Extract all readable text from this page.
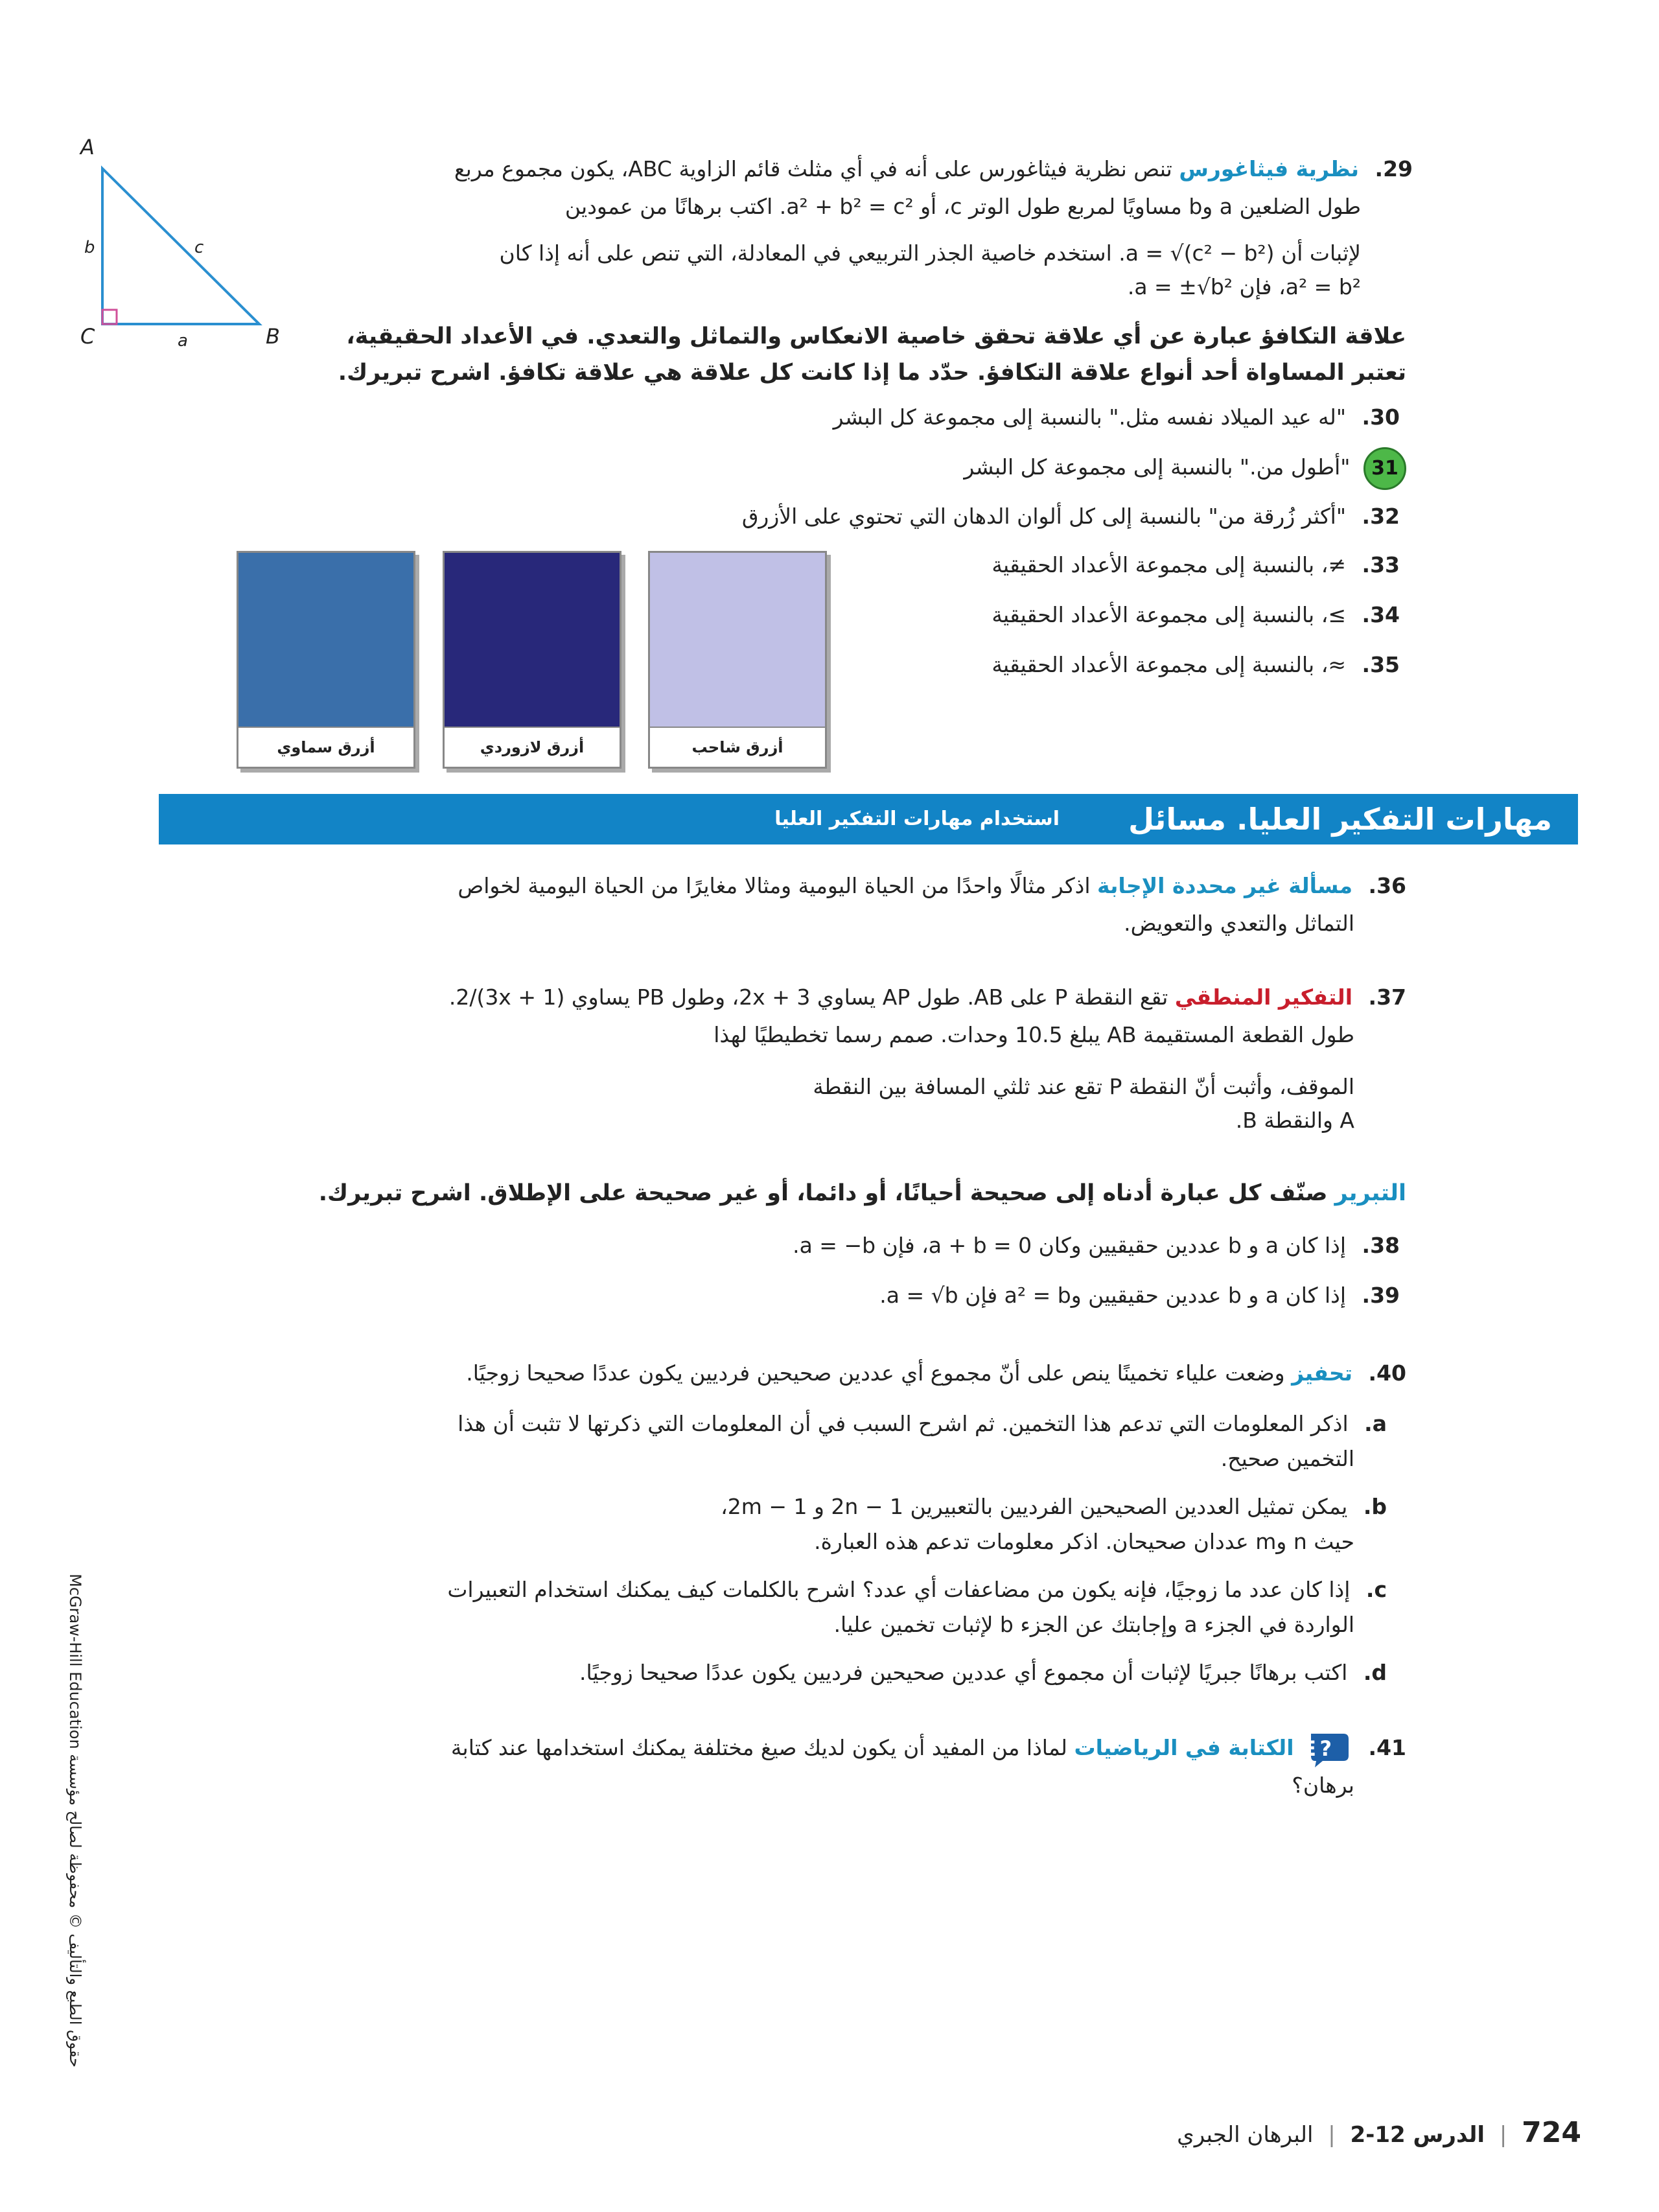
A
B
C
b	c
a
29. نظرية فيثاغورس تنص نظرية فيثاغورس على أنه في أي مثلث قائم الزاوية ABC، يكون مجموع مربع
طول الضلعين a وb مساويًا لمربع طول الوتر c، أو a² + b² = c². اكتب برهانًا من عمودين
لإثبات أن a = √(c² − b²). استخدم خاصية الجذر التربيعي في المعادلة، التي تنص على أنه إذا كان
a² = b²، فإن a = ±√b².
علاقة التكافؤ عبارة عن أي علاقة تحقق خاصية الانعكاس والتماثل والتعدي. في الأعداد الحقيقية،
تعتبر المساواة أحد أنواع علاقة التكافؤ. حدّد ما إذا كانت كل علاقة هي علاقة تكافؤ. اشرح تبريرك.
30. "له عيد الميلاد نفسه مثل." بالنسبة إلى مجموعة كل البشر
31 "أطول من." بالنسبة إلى مجموعة كل البشر
32. "أكثر زُرقة من" بالنسبة إلى كل ألوان الدهان التي تحتوي على الأزرق
33. ≠، بالنسبة إلى مجموعة الأعداد الحقيقية
34. ≥، بالنسبة إلى مجموعة الأعداد الحقيقية
35. ≈، بالنسبة إلى مجموعة الأعداد الحقيقية
أزرق سماوي	أزرق لازوردي	أزرق شاحب
مهارات التفكير العليا. مسائل
استخدام مهارات التفكير العليا
36. مسألة غير محددة الإجابة اذكر مثالًا واحدًا من الحياة اليومية ومثالا مغايرًا من الحياة اليومية لخواص
التماثل والتعدي والتعويض.
37. التفكير المنطقي تقع النقطة P على AB. طول AP يساوي 2x + 3، وطول PB يساوي (3x + 1)/2.
طول القطعة المستقيمة AB يبلغ 10.5 وحدات. صمم رسما تخطيطيًا لهذا
الموقف، وأثبت أنّ النقطة P تقع عند ثلثي المسافة بين النقطة
A والنقطة B.
التبرير صنّف كل عبارة أدناه إلى صحيحة أحيانًا، أو دائما، أو غير صحيحة على الإطلاق. اشرح تبريرك.
38. إذا كان a و b عددين حقيقيين وكان a + b = 0، فإن a = −b.
39. إذا كان a و b عددين حقيقيين وa² = b فإن a = √b.
40. تحفيز وضعت علياء تخمينًا ينص على أنّ مجموع أي عددين صحيحين فرديين يكون عددًا صحيحا زوجيًا.
a. اذكر المعلومات التي تدعم هذا التخمين. ثم اشرح السبب في أن المعلومات التي ذكرتها لا تثبت أن هذا
التخمين صحيح.
b. يمكن تمثيل العددين الصحيحين الفرديين بالتعبيرين 2n − 1 و 2m − 1،
حيث n وm عددان صحيحان. اذكر معلومات تدعم هذه العبارة.
c. إذا كان عدد ما زوجيًا، فإنه يكون من مضاعفات أي عدد؟ اشرح بالكلمات كيف يمكنك استخدام التعبيرات
الواردة في الجزء a وإجابتك عن الجزء b لإثبات تخمين عليا.
d. اكتب برهانًا جبريًا لإثبات أن مجموع أي عددين صحيحين فرديين يكون عددًا صحيحا زوجيًا.
41.
E ?
الكتابة في الرياضيات لماذا من المفيد أن يكون لديك صيغ مختلفة يمكنك استخدامها عند كتابة
برهان؟
حقوق الطبع والتأليف © محفوظة لصالح مؤسسة McGraw-Hill Education
724 | الدرس 12-2 | البرهان الجبري
